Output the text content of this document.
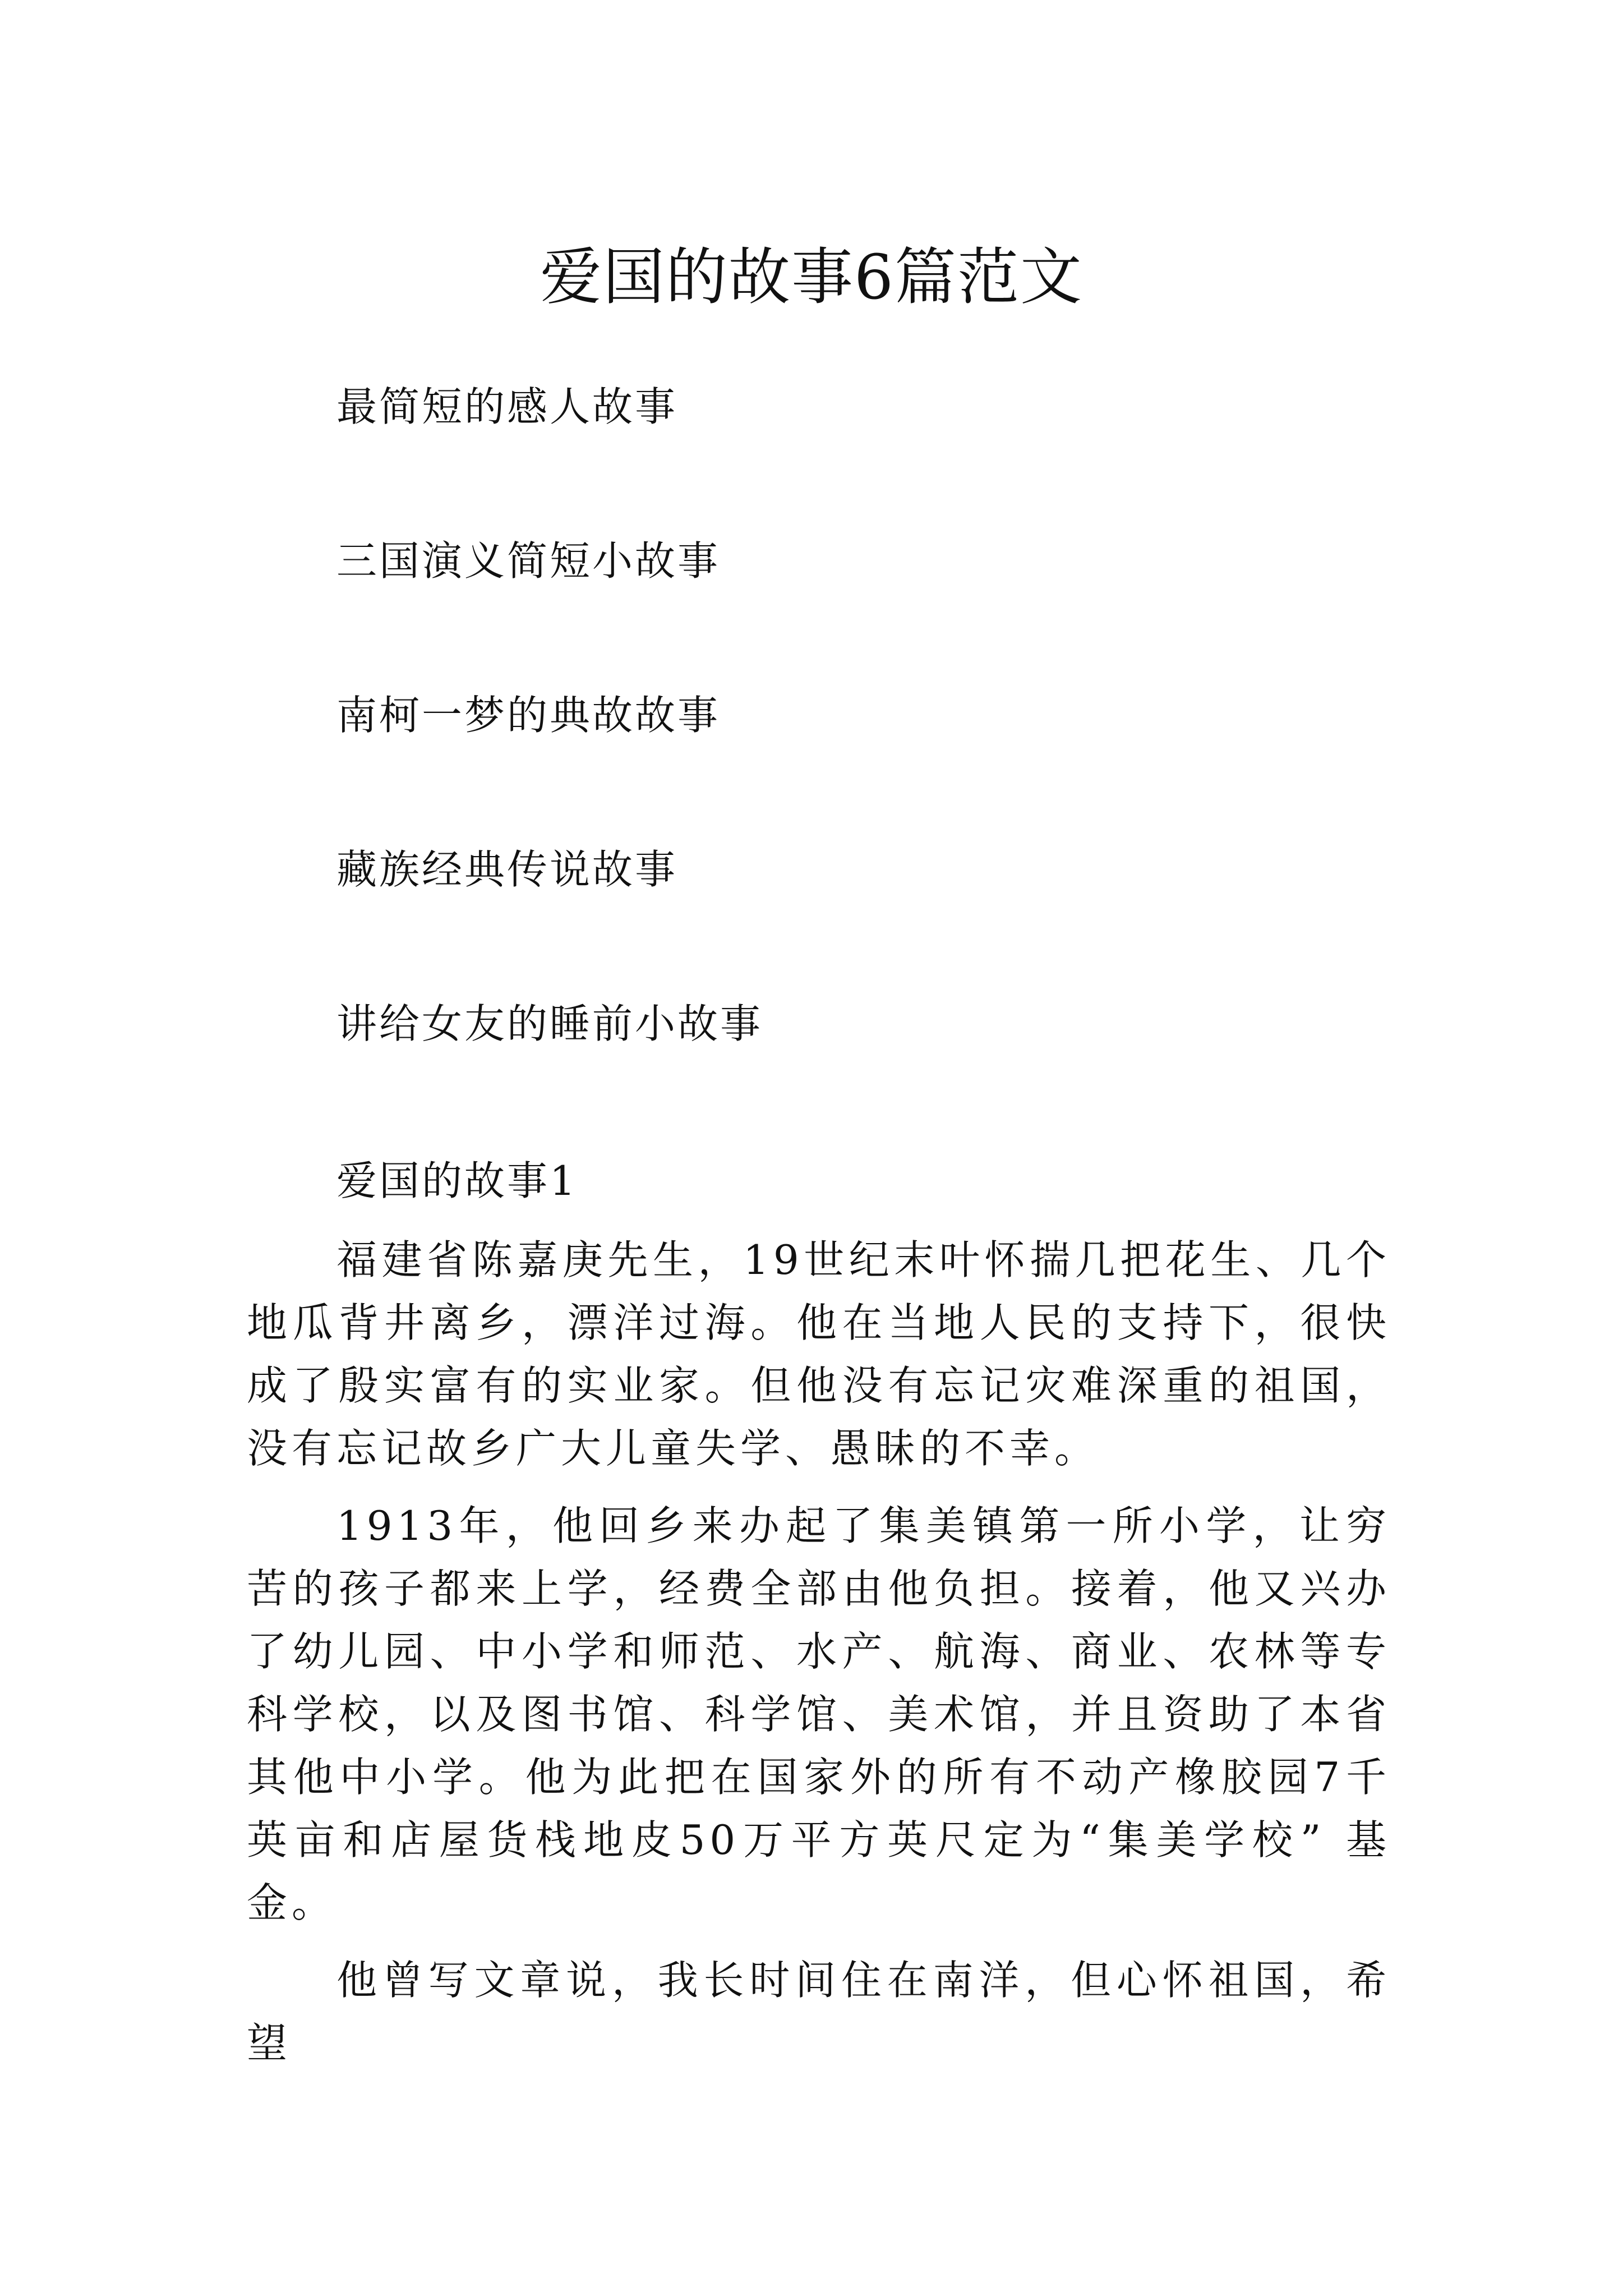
爱国的故事6篇范文
最简短的感人故事
三国演义简短小故事
南柯一梦的典故故事
藏族经典传说故事
讲给女友的睡前小故事
爱国的故事1

福建省陈嘉庚先生，19世纪末叶怀揣几把花生、几个地瓜背井离乡，漂洋过海。他在当地人民的支持下，很快成了殷实富有的实业家。但他没有忘记灾难深重的祖国，没有忘记故乡广大儿童失学、愚昧的不幸。

1913年，他回乡来办起了集美镇第一所小学，让穷苦的孩子都来上学，经费全部由他负担。接着，他又兴办了幼儿园、中小学和师范、水产、航海、商业、农林等专科学校，以及图书馆、科学馆、美术馆，并且资助了本省其他中小学。他为此把在国家外的所有不动产橡胶园7千英亩和店屋货栈地皮50万平方英尺定为“集美学校” 基金。

他曾写文章说，我长时间住在南洋，但心怀祖国，希望
